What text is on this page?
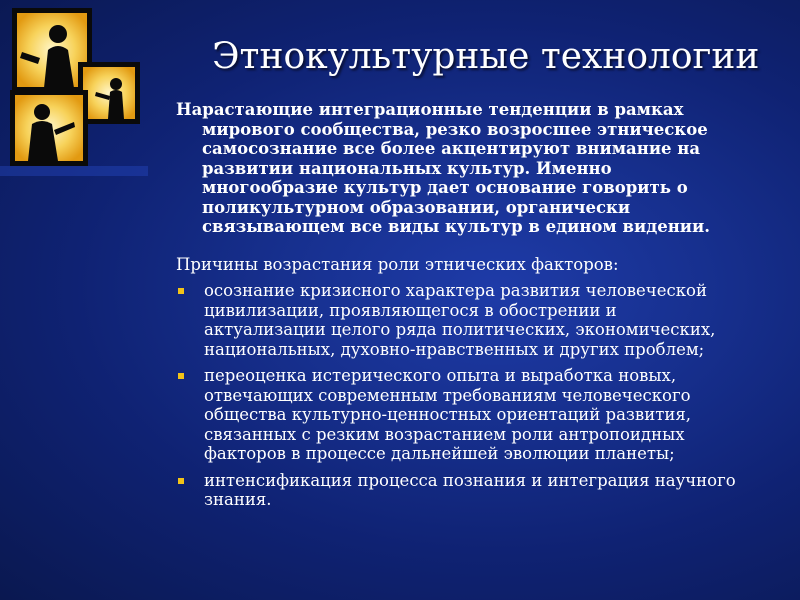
Этнокультурные технологии

Нарастающие интеграционные тенденции в рамках мирового сообщества, резко возросшее этническое самосознание все более акцентируют внимание на развитии национальных культур. Именно многообразие культур дает основание говорить о поликультурном образовании, органически связывающем все виды культур в едином видении.

Причины возрастания роли этнических факторов:

осознание кризисного характера развития человеческой цивилизации, проявляющегося в обострении и актуализации целого ряда политических, экономических, национальных, духовно-нравственных и других проблем;
переоценка истерического опыта и выработка новых, отвечающих современным требованиям человеческого общества культурно-ценностных ориентаций развития, связанных с резким возрастанием роли антропоидных факторов в процессе дальнейшей эволюции планеты;
интенсификация процесса познания и интеграция научного знания.
